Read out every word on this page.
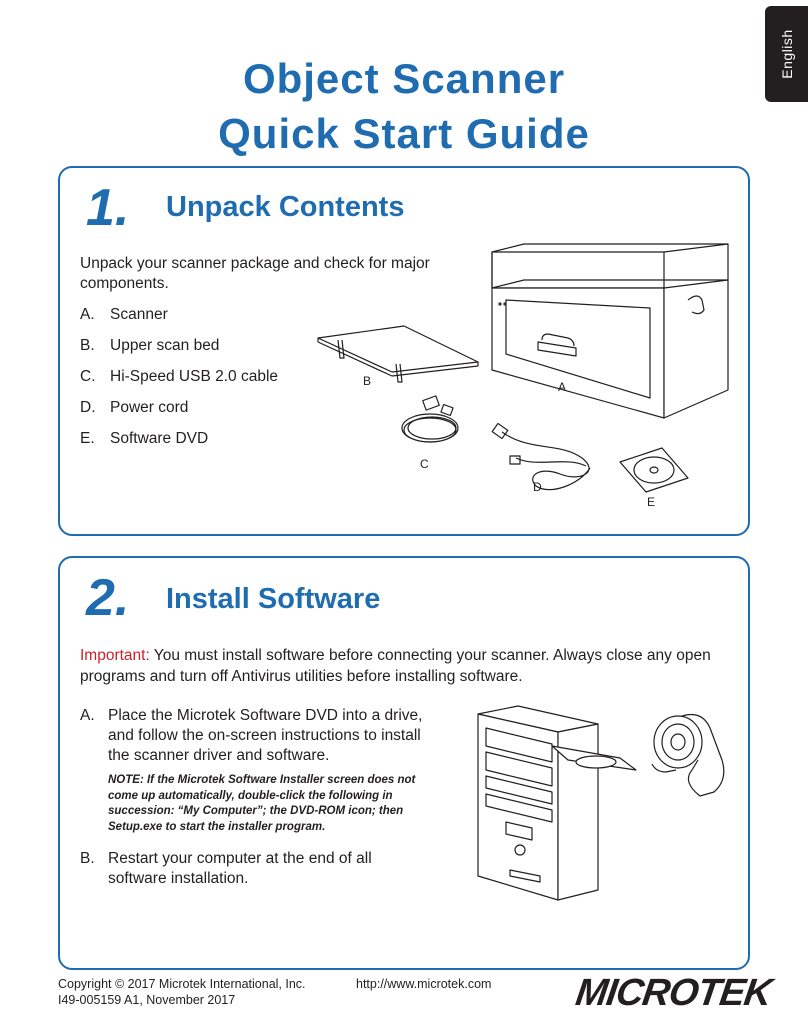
English
Object Scanner
Quick Start Guide
1. Unpack Contents
Unpack your scanner package and check for major components.
A. Scanner
B. Upper scan bed
C. Hi-Speed USB 2.0 cable
D. Power cord
E. Software DVD
B	A
C
D
E
2. Install Software
Important: You must install software before connecting your scanner. Always close any open programs and turn off Antivirus utilities before installing software.
A. Place the Microtek Software DVD into a drive, and follow the on-screen instructions to install the scanner driver and software.
NOTE: If the Microtek Software Installer screen does not come up automatically, double-click the following in succession: “My Computer”; the DVD-ROM icon; then Setup.exe to start the installer program.
B. Restart your computer at the end of all software installation.
Copyright © 2017 Microtek International, Inc.	http://www.microtek.com
I49-005159 A1, November 2017	MICROTEK
